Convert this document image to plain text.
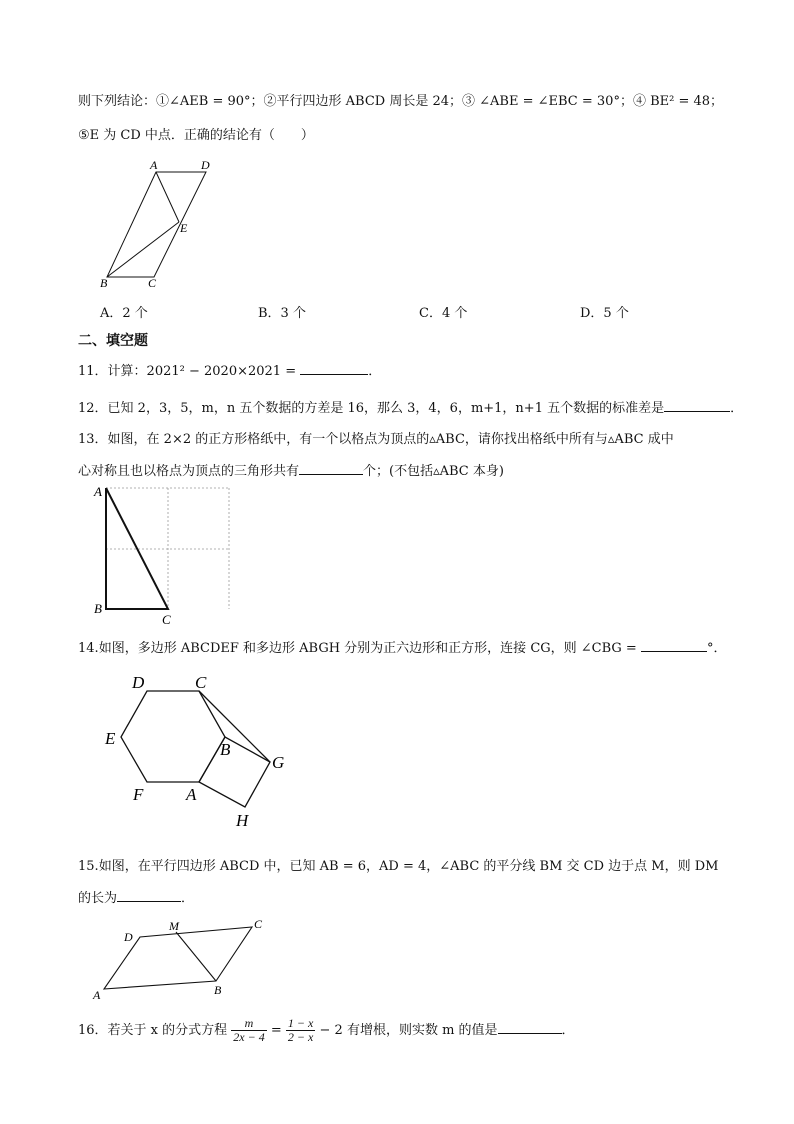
则下列结论：①∠AEB = 90°；②平行四边形 ABCD 周长是 24；③ ∠ABE = ∠EBC = 30°；④ BE² = 48；
⑤E 为 CD 中点．正确的结论有（　　）
A	D
E
B	C
A．2 个	B．3 个	C．4 个	D．5 个
二、填空题
11．计算：2021² − 2020×2021 =	．
12．已知 2，3，5，m，n 五个数据的方差是 16，那么 3，4，6，m+1，n+1 五个数据的标准差是	．
13．如图，在 2×2 的正方形格纸中，有一个以格点为顶点的▵ABC，请你找出格纸中所有与▵ABC 成中
心对称且也以格点为顶点的三角形共有	个；(不包括▵ABC 本身)
A
B
C
14.如图，多边形 ABCDEF 和多边形 ABGH 分别为正六边形和正方形，连接 CG，则 ∠CBG =	°．
D	C
E
B
G
F	A
H
15.如图，在平行四边形 ABCD 中，已知 AB = 6，AD = 4，∠ABC 的平分线 BM 交 CD 边于点 M，则 DM
的长为	．
D
M	C
A	B
16．若关于 x 的分式方程 $\frac{m}{2x - 4} = \frac{1 - x}{2 - x} - 2$ 有增根，则实数 m 的值是	．
